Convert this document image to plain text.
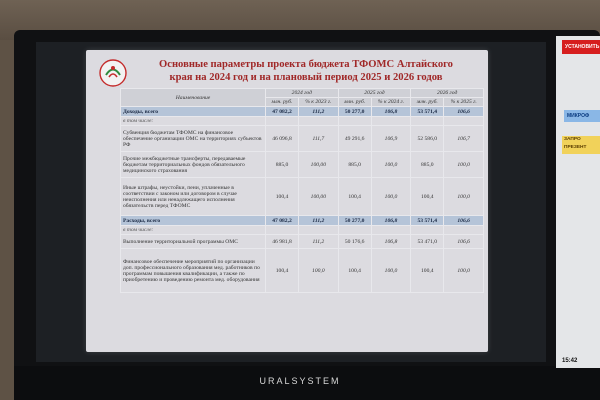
URALSYSTEM
Основные параметры проекта бюджета ТФОМС Алтайского
края на 2024 год и на плановый период 2025 и 2026 годов
Наименование	2024 год		2025 год		2026 год	
	млн. руб.	% к 2023 г.	млн. руб.	% к 2024 г.	млн. руб.	% к 2025 г.
Доходы, всего	47 082,2	111,2	50 277,0	106,8	53 571,4	106,6
в том числе:						
Субвенция бюджетам ТФОМС на финансовое обеспечение организации ОМС на территориях субъектов РФ	46 096,8	111,7	49 291,6	106,9	52 586,0	106,7
Прочие межбюджетные трансферты, передаваемые бюджетам территориальных фондов обязательного медицинского страхования	885,0	100,00	885,0	100,0	885,0	100,0
Иные штрафы, неустойки, пени, уплаченные в соответствии с законом или договором в случае неисполнения или ненадлежащего исполнения обязательств перед ТФОМС	100,4	100,00	100,4	100,0	100,4	100,0
Расходы, всего	47 082,2	111,2	50 277,0	106,8	53 571,4	106,6
в том числе:						
Выполнение территориальной программы ОМС	46 981,8	111,2	50 176,6	106,8	53 471,0	106,6
Финансовое обеспечение мероприятий по организации доп. профессионального образования мед. работников по программам повышения квалификации, а также по приобретению и проведению ремонта мед. оборудования	100,4	100,0	100,4	100,0	100,4	100,0
УСТАНОВИТЬ
МИКРОФ
ЗАПРО ПРЕЗЕНТ
15:42
